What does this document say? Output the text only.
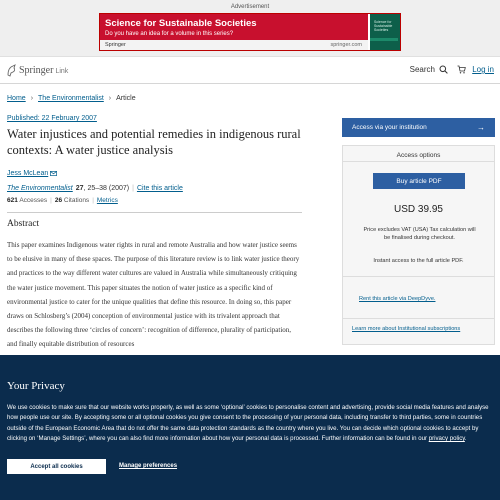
Advertisement
Science for Sustainable Societies
Do you have an idea for a volume in this series?
Springer	springer.com
Science for Sustainable Societies
Springer Link	Search	Log in
Home › The Environmentalist › Article
Published: 22 February 2007
Water injustices and potential remedies in indigenous rural contexts: A water justice analysis
Jess McLean
The Environmentalist 27, 25–38 (2007) | Cite this article
621 Accesses | 26 Citations | Metrics
Abstract

This paper examines Indigenous water rights in rural and remote Australia and how water justice seems to be elusive in many of these spaces. The purpose of this literature review is to link water justice theory and practices to the way different water cultures are valued in Australia while simultaneously critiquing the water justice movement. This paper situates the notion of water justice as a specific kind of environmental justice to cater for the unique qualities that define this resource. In doing so, this paper draws on Schlosberg’s (2004) conception of environmental justice with its trivalent approach that describes the following three ‘circles of concern’: recognition of difference, plurality of participation, and finally equitable distribution of resources

Access via your institution	→
Access options
Buy article PDF
USD 39.95
Price excludes VAT (USA) Tax calculation will be finalised during checkout.
Instant access to the full article PDF.
Rent this article via DeepDyve.
Learn more about Institutional subscriptions
Your Privacy

We use cookies to make sure that our website works properly, as well as some ‘optional’ cookies to personalise content and advertising, provide social media features and analyse how people use our site. By accepting some or all optional cookies you give consent to the processing of your personal data, including transfer to third parties, some in countries outside of the European Economic Area that do not offer the same data protection standards as the country where you live. You can decide which optional cookies to accept by clicking on ‘Manage Settings’, where you can also find more information about how your personal data is processed. Further information can be found in our privacy policy.

Accept all cookies	Manage preferences
